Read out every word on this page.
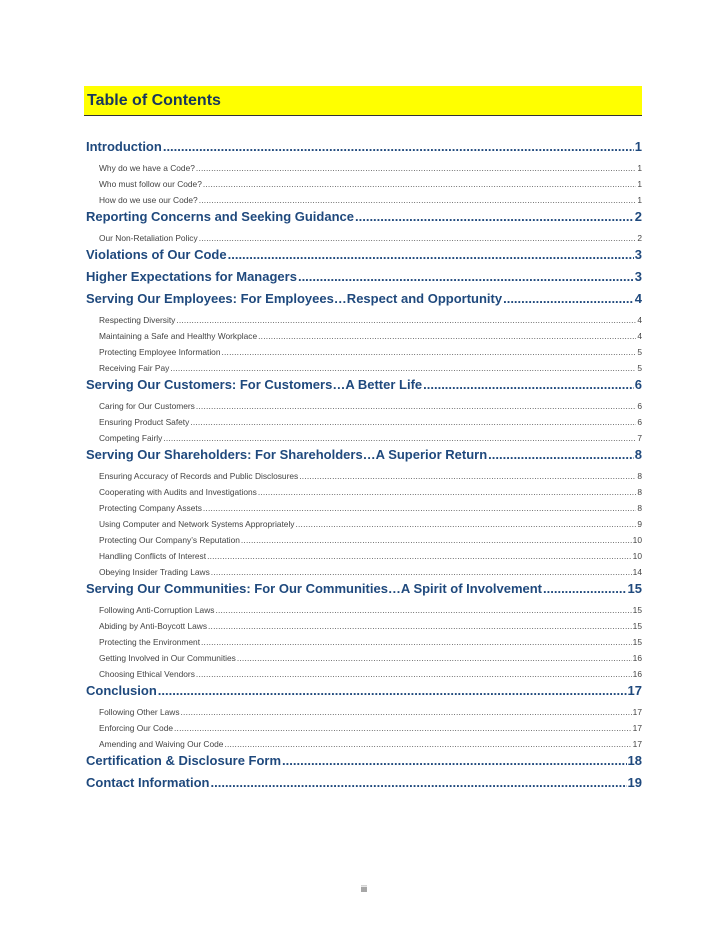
Table of Contents
Introduction .....	1
Why do we have a Code? .....	1
Who must follow our Code? .....	1
How do we use our Code? .....	1
Reporting Concerns and Seeking Guidance .....	2
Our Non-Retaliation Policy .....	2
Violations of Our Code .....	3
Higher Expectations for Managers .....	3
Serving Our Employees: For Employees…Respect and Opportunity .....	4
Respecting Diversity .....	4
Maintaining a Safe and Healthy Workplace .....	4
Protecting Employee Information .....	5
Receiving Fair Pay .....	5
Serving Our Customers: For Customers…A Better Life .....	6
Caring for Our Customers .....	6
Ensuring Product Safety .....	6
Competing Fairly .....	7
Serving Our Shareholders: For Shareholders…A Superior Return .....	8
Ensuring Accuracy of Records and Public Disclosures .....	8
Cooperating with Audits and Investigations .....	8
Protecting Company Assets .....	8
Using Computer and Network Systems Appropriately .....	9
Protecting Our Company’s Reputation .....	10
Handling Conflicts of Interest .....	10
Obeying Insider Trading Laws .....	14
Serving Our Communities: For Our Communities…A Spirit of Involvement .....	15
Following Anti-Corruption Laws .....	15
Abiding by Anti-Boycott Laws .....	15
Protecting the Environment .....	15
Getting Involved in Our Communities .....	16
Choosing Ethical Vendors .....	16
Conclusion .....	17
Following Other Laws .....	17
Enforcing Our Code .....	17
Amending and Waiving Our Code .....	17
Certification & Disclosure Form .....	18
Contact Information .....	19
iii
